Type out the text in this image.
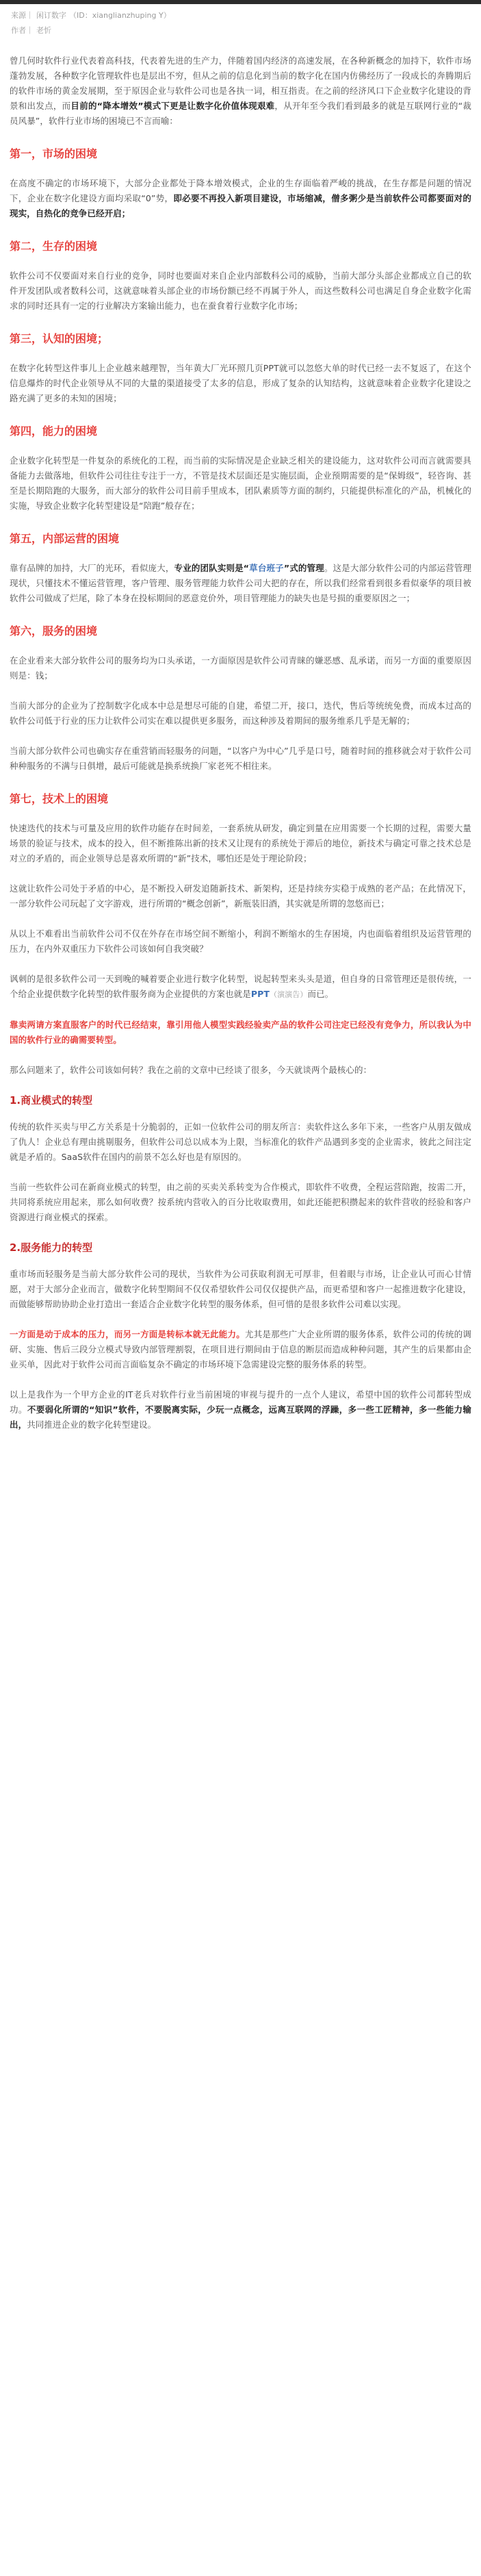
来源｜ 闲订数字 （ID：xianglianzhuping Y）
作者｜ 老忻

曾几何时软件行业代表着高科技，代表着先进的生产力，伴随着国内经济的高速发展，在各种新概念的加持下，软件市场蓬勃发展，各种数字化管理软件也是层出不穷，但从之前的信息化到当前的数字化在国内仿佛经历了一段成长的奔腾期后的软件市场的黄金发展期，至于原因企业与软件公司也是各执一词，相互指责。在之前的经济风口下企业数字化建设的背景和出发点，而目前的“降本增效”模式下更是让数字化价值体现艰难，从开年至今我们看到最多的就是互联网行业的“裁员风暴”，软件行业市场的困境已不言而喻：

第一，市场的困境

在高度不确定的市场环境下，大部分企业都处于降本增效模式，企业的生存面临着严峻的挑战，在生存都是问题的情况下，企业在数字化建设方面均采取“0”势，即必要不再投入新项目建设，市场缩减，僧多粥少是当前软件公司都要面对的现实，自热化的竞争已经开启；

第二，生存的困境

软件公司不仅要面对来自行业的竞争，同时也要面对来自企业内部数科公司的威胁，当前大部分头部企业都成立自己的软件开发团队或者数科公司，这就意味着头部企业的市场份额已经不再属于外人，而这些数科公司也满足自身企业数字化需求的同时还具有一定的行业解决方案输出能力，也在蚕食着行业数字化市场；

第三，认知的困境；

在数字化转型这件事儿上企业越来越理智，当年黄大厂光环照几页PPT就可以忽悠大单的时代已经一去不复返了，在这个信息爆炸的时代企业领导从不同的大量的渠道接受了太多的信息，形成了复杂的认知结构，这就意味着企业数字化建设之路充满了更多的未知的困境；

第四，能力的困境

企业数字化转型是一件复杂的系统化的工程，而当前的实际情况是企业缺乏相关的建设能力，这对软件公司而言就需要具备能力去做落地，但软件公司往往专注于一方，不管是技术层面还是实施层面，企业预期需要的是“保姆级”，轻咨询、甚至是长期陪跑的大服务，而大部分的软件公司目前手里成本，团队素质等方面的制约，只能提供标准化的产品，机械化的实施，导致企业数字化转型建设是“陪跑”般存在；

第五，内部运营的困境

靠有品牌的加持，大厂的光环，看似庞大，专业的团队实则是“草台班子”式的管理。这是大部分软件公司的内部运营管理现状，只懂技术不懂运营管理，客户管理、服务管理能力软件公司大把的存在，所以我们经常看到很多看似豪华的项目被软件公司做成了烂尾，除了本身在投标期间的恶意竞价外，项目管理能力的缺失也是号损的重要原因之一；

第六，服务的困境

在企业看来大部分软件公司的服务均为口头承诺，一方面原因是软件公司青睐的嫌恶感、乱承诺，而另一方面的重要原因则是：钱；

当前大部分的企业为了控制数字化成本中总是想尽可能的自建，希望二开，接口，迭代，售后等统统免费，而成本过高的软件公司低于行业的压力让软件公司实在难以提供更多服务，而这种涉及着期间的服务维系几乎是无解的；

当前大部分软件公司也确实存在重营销而轻服务的问题，“以客户为中心”几乎是口号，随着时间的推移就会对于软件公司种种服务的不满与日俱增，最后可能就是换系统换厂家老死不相往来。

第七，技术上的困境

快速迭代的技术与可量及应用的软件功能存在时间差，一套系统从研发，确定到量在应用需要一个长期的过程，需要大量场景的验证与技术，成本的投入，但不断推陈出新的技术又让现有的系统处于滞后的地位，新技术与确定可靠之技术总是对立的矛盾的，而企业领导总是喜欢所谓的“新”技术，哪怕还是处于理论阶段；

这就让软件公司处于矛盾的中心，是不断投入研发追随新技术、新架构，还是持续夯实稳于成熟的老产品；在此情况下，一部分软件公司玩起了文字游戏，进行所谓的“概念创新”，新瓶装旧酒，其实就是所谓的忽悠而已；

从以上不难看出当前软件公司不仅在外存在市场空间不断缩小，利润不断缩水的生存困境，内也面临着组织及运营管理的压力，在内外双重压力下软件公司该如何自我突破？

讽刺的是很多软件公司一天到晚的喊着要企业进行数字化转型，说起转型来头头是道，但自身的日常管理还是很传统，一个给企业提供数字化转型的软件服务商为企业提供的方案也就是PPT（演演告）而已。

靠卖两请方案直服客户的时代已经结束，靠引用他人模型实践经验卖产品的软件公司注定已经没有竞争力，所以我认为中国的软件行业的确需要转型。

那么问题来了，软件公司该如何转？我在之前的文章中已经谈了很多，今天就谈两个最核心的：

1.商业模式的转型

传统的软件买卖与甲乙方关系是十分脆弱的，正如一位软件公司的朋友所言：卖软件这么多年下来，一些客户从朋友做成了仇人！企业总有理由挑剔服务，但软件公司总以成本为上限，当标准化的软件产品遇到多变的企业需求，彼此之间注定就是矛盾的。SaaS软件在国内的前景不怎么好也是有原因的。

当前一些软件公司在新商业模式的转型，由之前的买卖关系转变为合作模式，即软件不收费，全程运营陪跑，按需二开，共同将系统应用起来，那么如何收费？按系统内营收入的百分比收取费用，如此还能把积攒起来的软件营收的经验和客户资源进行商业模式的探索。

2.服务能力的转型

重市场而轻服务是当前大部分软件公司的现状，当软件为公司获取利润无可厚非，但着眼与市场，让企业认可而心甘情愿，对于大部分企业而言，做数字化转型期间不仅仅希望软件公司仅仅提供产品，而更希望和客户一起推进数字化建设，而做能够帮助协助企业打造出一套适合企业数字化转型的服务体系，但可惜的是很多软件公司难以实现。

一方面是动于成本的压力，而另一方面是转标本就无此能力。尤其是那些广大企业所谓的服务体系，软件公司的传统的调研、实施、售后三段分立模式导致内部管理割裂，在项目进行期间由于信息的断层而造成种种问题，其产生的后果都由企业买单，因此对于软件公司而言面临复杂不确定的市场环境下急需建设完整的服务体系的转型。

以上是我作为一个甲方企业的IT老兵对软件行业当前困境的审视与提升的一点个人建议，希望中国的软件公司都转型成功。不要弱化所谓的“知识”软件，不要脱离实际，少玩一点概念，远离互联网的浮躁，多一些工匠精神，多一些能力输出，共同推进企业的数字化转型建设。
